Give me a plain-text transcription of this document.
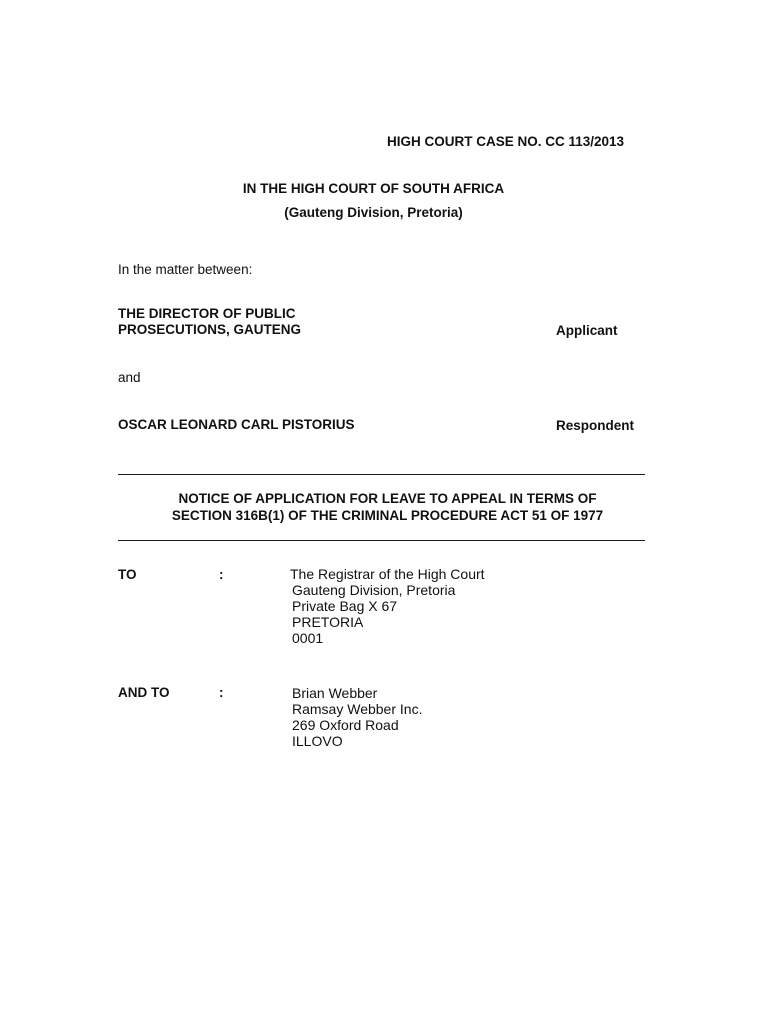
HIGH COURT CASE NO. CC 113/2013
IN THE HIGH COURT OF SOUTH AFRICA
(Gauteng Division, Pretoria)
In the matter between:
THE DIRECTOR OF PUBLIC
PROSECUTIONS, GAUTENG	Applicant
and
OSCAR LEONARD CARL PISTORIUS	Respondent
NOTICE OF APPLICATION FOR LEAVE TO APPEAL IN TERMS OF
SECTION 316B(1) OF THE CRIMINAL PROCEDURE ACT 51 OF 1977
TO	:	The Registrar of the High Court
Gauteng Division, Pretoria
Private Bag X 67
PRETORIA
0001
AND TO	:	Brian Webber
Ramsay Webber Inc.
269 Oxford Road
ILLOVO
